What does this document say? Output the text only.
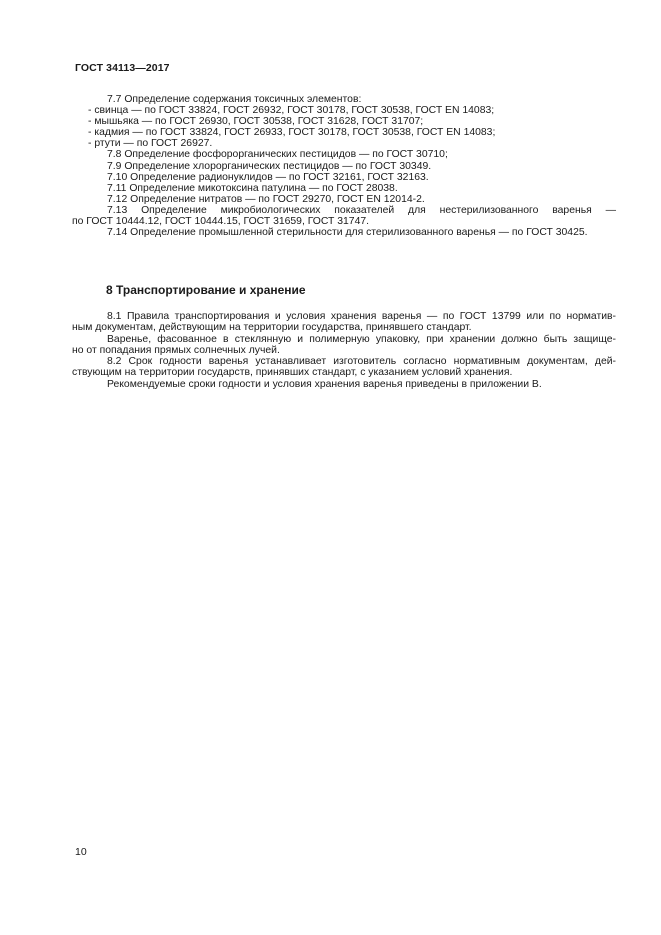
ГОСТ 34113—2017

7.7 Определение содержания токсичных элементов:

- свинца — по ГОСТ 33824, ГОСТ 26932, ГОСТ 30178, ГОСТ 30538, ГОСТ EN 14083;

- мышьяка — по ГОСТ 26930, ГОСТ 30538, ГОСТ 31628, ГОСТ 31707;

- кадмия — по ГОСТ 33824, ГОСТ 26933, ГОСТ 30178, ГОСТ 30538, ГОСТ EN 14083;

- ртути — по ГОСТ 26927.

7.8 Определение фосфорорганических пестицидов — по ГОСТ 30710;

7.9 Определение хлорорганических пестицидов — по ГОСТ 30349.

7.10 Определение радионуклидов — по ГОСТ 32161, ГОСТ 32163.

7.11 Определение микотоксина патулина — по ГОСТ 28038.

7.12 Определение нитратов — по ГОСТ 29270, ГОСТ EN 12014-2.

7.13 Определение микробиологических показателей для нестерилизованного варенья —

по ГОСТ 10444.12, ГОСТ 10444.15, ГОСТ 31659, ГОСТ 31747.

7.14 Определение промышленной стерильности для стерилизованного варенья — по ГОСТ 30425.

8 Транспортирование и хранение

8.1 Правила транспортирования и условия хранения варенья — по ГОСТ 13799 или по норматив-

ным документам, действующим на территории государства, принявшего стандарт.

Варенье, фасованное в стеклянную и полимерную упаковку, при хранении должно быть защище-

но от попадания прямых солнечных лучей.

8.2 Срок годности варенья устанавливает изготовитель согласно нормативным документам, дей-

ствующим на территории государств, принявших стандарт, с указанием условий хранения.

Рекомендуемые сроки годности и условия хранения варенья приведены в приложении В.

10
